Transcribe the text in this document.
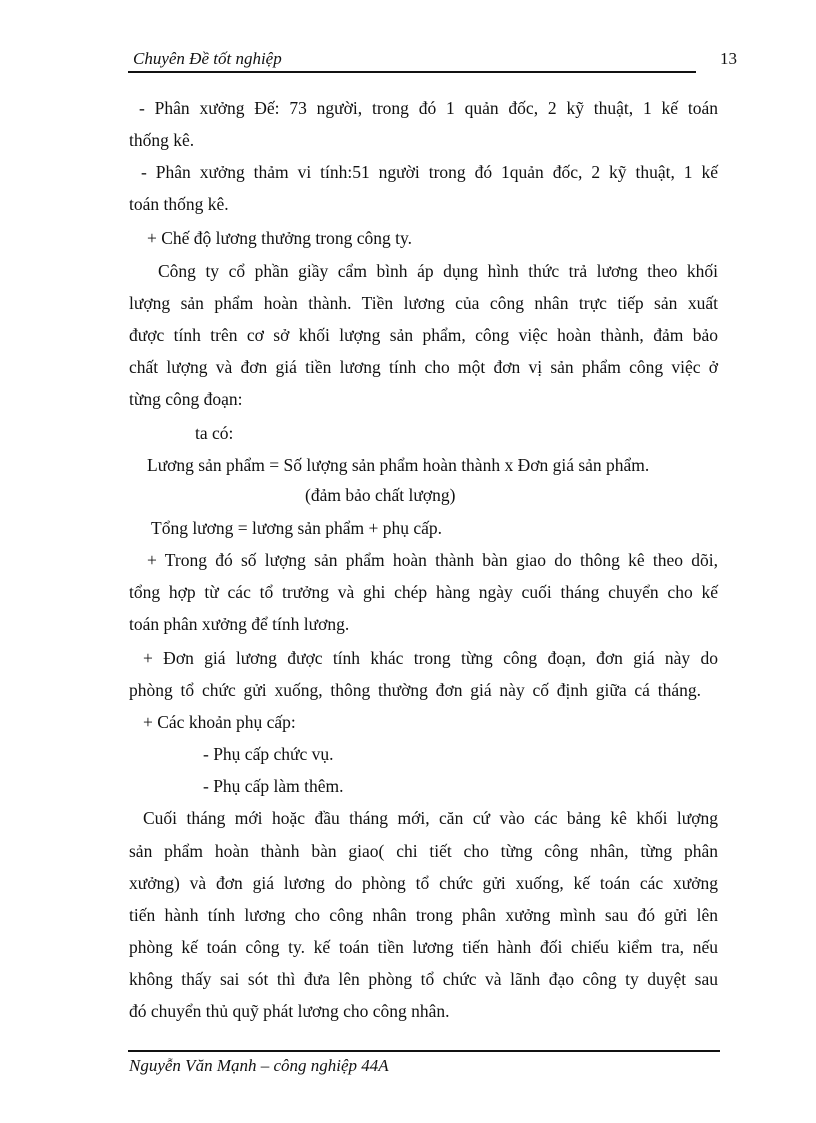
Chuyên Đề tốt nghiệp	13
- Phân xưởng Đế: 73 người, trong đó 1 quản đốc, 2 kỹ thuật, 1 kế toán
thống kê.
- Phân xưởng thảm vi tính:51 người trong đó 1quản đốc, 2 kỹ thuật, 1 kế
toán thống kê.
+ Chế độ lương thưởng trong công ty.
Công ty cổ phần giầy cẩm bình áp dụng hình thức trả lương theo khối
lượng sản phẩm hoàn thành. Tiền lương của công nhân trực tiếp sản xuất
được tính trên cơ sở khối lượng sản phẩm, công việc hoàn thành, đảm bảo
chất lượng và đơn giá tiền lương tính cho một đơn vị sản phẩm công việc ở
từng công đoạn:
ta có:
Lương sản phẩm = Số lượng sản phẩm hoàn thành x Đơn giá sản phẩm.
(đảm bảo chất lượng)
Tổng lương = lương sản phẩm + phụ cấp.
+ Trong đó số lượng sản phẩm hoàn thành bàn giao do thông kê theo dõi,
tổng hợp từ các tổ trưởng và ghi chép hàng ngày cuối tháng chuyển cho kế
toán phân xưởng để tính lương.
+ Đơn giá lương được tính khác trong từng công đoạn, đơn giá này do
phòng tổ chức gửi xuống, thông thường đơn giá này cố định giữa cá tháng.
+ Các khoản phụ cấp:
- Phụ cấp chức vụ.
- Phụ cấp làm thêm.
Cuối tháng mới hoặc đầu tháng mới, căn cứ vào các bảng kê khối lượng
sản phẩm hoàn thành bàn giao( chi tiết cho từng công nhân, từng phân
xưởng) và đơn giá lương do phòng tổ chức gửi xuống, kế toán các xưởng
tiến hành tính lương cho công nhân trong phân xưởng mình sau đó gửi lên
phòng kế toán công ty. kế toán tiền lương tiến hành đối chiếu kiểm tra, nếu
không thấy sai sót thì đưa lên phòng tổ chức và lãnh đạo công ty duyệt sau
đó chuyển thủ quỹ phát lương cho công nhân.
Nguyễn Văn Mạnh – công nghiệp 44A
